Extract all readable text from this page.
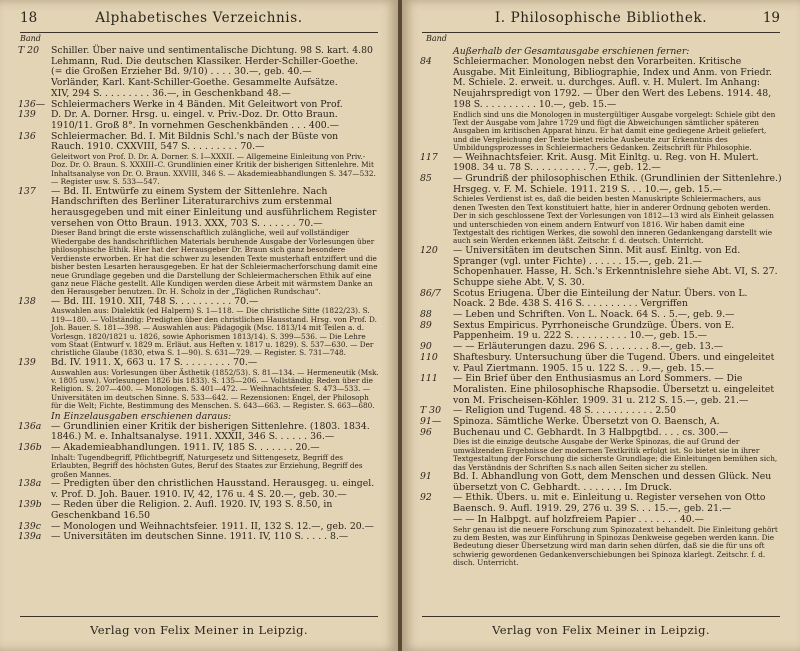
18	Alphabetisches Verzeichnis.
Band
T 20	Schiller. Über naive und sentimentalische Dichtung. 98 S. kart. 4.80
Lehmann, Rud. Die deutschen Klassiker. Herder-Schiller-Goethe.
(= die Großen Erzieher Bd. 9/10) . . . . 30.—, geb. 40.—
Vorländer, Karl. Kant-Schiller-Goethe. Gesammelte Aufsätze.
XIV, 294 S. . . . . . . . . 36.—, in Geschenkband 48.—
136— Schleiermachers Werke in 4 Bänden. Mit Geleitwort von Prof.
139	D. Dr. A. Dorner. Hrsg. u. eingel. v. Priv.-Doz. Dr. Otto Braun.
1910/11. Groß 8°. In vornehmen Geschenkbänden . . . 400.—
136	Schleiermacher. Bd. I. Mit Bildnis Schl.'s nach der Büste von
Rauch. 1910. CXXVIII, 547 S. . . . . . . . . 70.—
Geleitwort von Prof. D. Dr. A. Dorner. S. I—XXXII. — Allgemeine Einleitung von Priv.-Doz. Dr. O. Braun. S. XXXIII–C. Grundlinien einer Kritik der bisherigen Sittenlehre. Mit Inhaltsanalyse von Dr. O. Braun. XXVIII, 346 S. — Akademieabhandlungen S. 347—532. — Register usw. S. 533—547.
137	— Bd. II. Entwürfe zu einem System der Sittenlehre. Nach Handschriften des Berliner Literaturarchivs zum erstenmal herausgegeben und mit einer Einleitung und ausführlichem Register versehen von Otto Braun. 1913. XXX, 703 S. . . . . . . 70.—
Dieser Band bringt die erste wissenschaftlich zulängliche, weil auf vollständiger Wiedergabe des handschriftlichen Materials beruhende Ausgabe der Vorlesungen über philosophische Ethik. Hier hat der Herausgeber Dr. Braun sich ganz besondere Verdienste erworben. Er hat die schwer zu lesenden Texte musterhaft entziffert und die bisher besten Lesarten herausgegeben. Er hat der Schleiermacherforschung damit eine neue Grundlage gegeben und die Darstellung der Schleiermacherschen Ethik auf eine ganz neue Fläche gestellt. Alle Kundigen werden diese Arbeit mit wärmstem Danke an den Herausgeber benutzen. Dr. H. Scholz in der „Täglichen Rundschau“.
138	— Bd. III. 1910. XII, 748 S. . . . . . . . . . 70.—
Auswahlen aus: Dialektik (ed Halpern) S. 1—118. — Die christliche Sitte (1822/23). S. 119—180. — Vollständig: Predigten über den christlichen Hausstand. Hrsg. von Prof. D. Joh. Bauer. S. 181—398. — Auswahlen aus: Pädagogik (Msc. 1813/14 mit Teilen a. d. Vorlesgn. 1820/1821 u. 1826, sowie Aphorismen 1813/14). S. 399—536. — Die Lehre vom Staat (Entwurf v. 1829 m. Erläut. aus Heften v. 1817 u. 1829). S. 537—630. — Der christliche Glaube (1830, etwa S. 1—90). S. 631—729. — Register. S. 731—748.
139	Bd. IV. 1911. X, 663 u. 17 S. . . . . . . . . 70.—
Auswahlen aus: Vorlesungen über Ästhetik (1852/53). S. 81—134. — Hermeneutik (Msk. v. 1805 usw.). Vorlesungen 1826 bis 1833). S. 135—206. — Vollständig: Reden über die Religion. S. 207—400. — Monologen. S. 401—472. — Weihnachtsfeier. S. 473—533. — Universitäten im deutschen Sinne. S. 533—642. — Rezensionen: Engel, der Philosoph für die Welt; Fichte, Bestimmung des Menschen. S. 643—663. — Register. S. 663—680.
In Einzelausgaben erschienen daraus:
136a	— Grundlinien einer Kritik der bisherigen Sittenlehre. (1803. 1834. 1846.) M. e. Inhaltsanalyse. 1911. XXXII, 346 S. . . . . . 36.—
136b — Akademieabhandlungen. 1911. IV, 185 S. . . . . . . 20.—
Inhalt: Tugendbegriff, Pflichtbegriff, Naturgesetz und Sittengesetz, Begriff des Erlaubten, Begriff des höchsten Gutes, Beruf des Staates zur Erziehung, Begriff des großen Mannes.
138a	— Predigten über den christlichen Hausstand. Herausgeg. u. eingel. v. Prof. D. Joh. Bauer. 1910. IV, 42, 176 u. 4 S. 20.—, geb. 30.—
139b — Reden über die Religion. 2. Aufl. 1920. IV, 193 S. 8.50, in Geschenkband 16.50
139c	— Monologen und Weihnachtsfeier. 1911. II, 132 S. 12.—, geb. 20.—
139a	— Universitäten im deutschen Sinne. 1911. IV, 110 S. . . . . 8.—
Verlag von Felix Meiner in Leipzig.
I. Philosophische Bibliothek.	19
Band
Außerhalb der Gesamtausgabe erschienen ferner:
84	Schleiermacher. Monologen nebst den Vorarbeiten. Kritische Ausgabe. Mit Einleitung, Bibliographie, Index und Anm. von Friedr. M. Schiele. 2. erweit. u. durchges. Aufl. v. H. Mulert. Im Anhang: Neujahrspredigt von 1792. — Über den Wert des Lebens. 1914. 48, 198 S. . . . . . . . . . 10.—, geb. 15.—
Endlich sind uns die Monologen in mustergültiger Ausgabe vorgelegt: Schiele gibt den Text der Ausgabe vom Jahre 1729 und fügt die Abweichungen sämtlicher späteren Ausgaben im kritischen Apparat hinzu. Er hat damit eine gediegene Arbeit geliefert, und die Vergleichung der Texte bietet reiche Ausbeute zur Erkenntnis des Umbildungsprozesses in Schleiermachers Gedanken. Zeitschrift für Philosophie.
117	— Weihnachtsfeier. Krit. Ausg. Mit Einltg. u. Reg. von H. Mulert. 1908. 34 u. 78 S. . . . . . . . . . 7.—, geb. 12.—
85	— Grundriß der philosophischen Ethik. (Grundlinien der Sittenlehre.) Hrsgeg. v. F. M. Schiele. 1911. 219 S. . . 10.—, geb. 15.—
Schieles Verdienst ist es, daß die beiden besten Manuskripte Schleiermachers, aus denen Twesten den Text konstituiert hatte, hier in anderer Ordnung geboten werden. Der in sich geschlossene Text der Vorlesungen von 1812—13 wird als Einheit gelassen und unterschieden von einem andern Entwurf von 1816. Wir haben damit eine Textgestalt des richtigen Werkes, die sowohl den inneren Gedankengang darstellt wie auch sein Werden erkennen läßt. Zeitschr. f. d. deutsch. Unterricht.
120	— Universitäten im deutschen Sinn. Mit ausf. Einltg. von Ed. Spranger (vgl. unter Fichte) . . . . . . 15.—, geb. 21.—
Schopenhauer. Hasse, H. Sch.'s Erkenntnislehre siehe Abt. VI, S. 27.
Schuppe siehe Abt. V, S. 30.
86/7	Scotus Eriugena. Über die Einteilung der Natur. Übers. von L. Noack. 2 Bde. 438 S. 416 S. . . . . . . . . . Vergriffen
88	— Leben und Schriften. Von L. Noack. 64 S. . 5.—, geb. 9.—
89	Sextus Empiricus. Pyrrhoneische Grundzüge. Übers. von E. Pappenheim. 19 u. 222 S. . . . . . . . . . 10.—, geb. 15.—
90	— — Erläuterungen dazu. 296 S. . . . . . . . 8.—, geb. 13.—
110	Shaftesbury. Untersuchung über die Tugend. Übers. und eingeleitet v. Paul Ziertmann. 1905. 15 u. 122 S. . . 9.—, geb. 15.—
111	— Ein Brief über den Enthusiasmus an Lord Sommers. — Die Moralisten. Eine philosophische Rhapsodie. Übersetzt u. eingeleitet von M. Frischeisen-Köhler. 1909. 31 u. 212 S. 15.—, geb. 21.—
T 30	— Religion und Tugend. 48 S. . . . . . . . . . . 2.50
91—	Spinoza. Sämtliche Werke. Übersetzt von O. Baensch, A.
96	Buchenau und C. Gebhardt. In 3 Halbpgtbd. . . . cs. 300.—
Dies ist die einzige deutsche Ausgabe der Werke Spinozas, die auf Grund der umwälzenden Ergebnisse der modernen Textkritik erfolgt ist. So bietet sie in ihrer Textgestaltung der Forschung die sicherste Grundlage; die Einleitungen bemühen sich, das Verständnis der Schriften S.s nach allen Seiten sicher zu stellen.
91	Bd. I. Abhandlung von Gott, dem Menschen und dessen Glück. Neu übersetzt von C. Gebhardt. . . . . . . . Im Druck.
92	— Ethik. Übers. u. mit e. Einleitung u. Register versehen von Otto Baensch. 9. Aufl. 1919. 29, 276 u. 39 S. . . 15.—, geb. 21.—
— — In Halbpgt. auf holzfreiem Papier . . . . . . . 40.—
Sehr genau ist die neuere Forschung zum Spinozatext behandelt. Die Einleitung gehört zu dem Besten, was zur Einführung in Spinozas Denkweise gegeben werden kann. Die Bedeutung dieser Übersetzung wird man darin sehen dürfen, daß sie die für uns oft schwierig gewordenen Gedankenverschiebungen bei Spinoza klarlegt. Zeitschr. f. d. disch. Unterricht.
Verlag von Felix Meiner in Leipzig.
